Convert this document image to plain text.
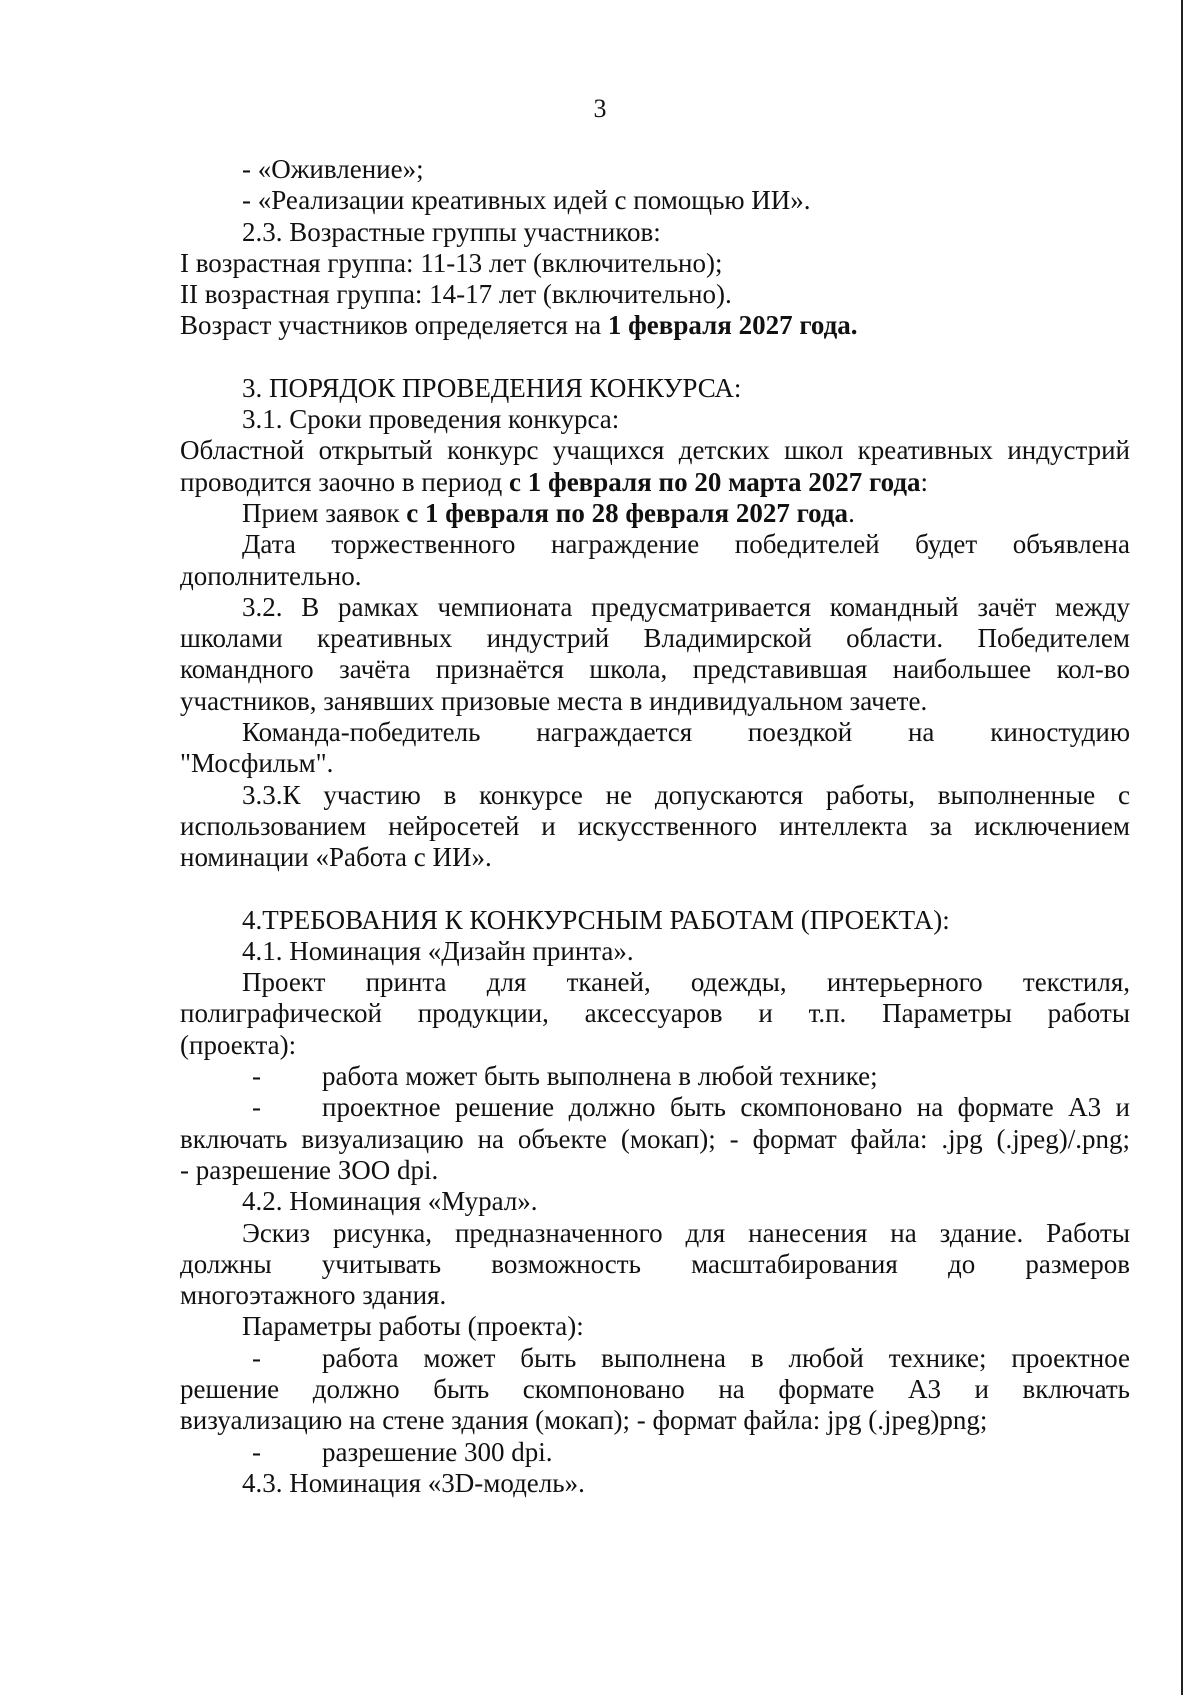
3

- «Оживление»;

- «Реализации креативных идей с помощью ИИ».

2.3. Возрастные группы участников:

I возрастная группа: 11-13 лет (включительно);

II возрастная группа: 14-17 лет (включительно).

Возраст участников определяется на 1 февраля 2027 года.

3. ПОРЯДОК ПРОВЕДЕНИЯ КОНКУРСА:

3.1. Сроки проведения конкурса:

Областной открытый конкурс учащихся детских школ креативных индустрий

проводится заочно в период с 1 февраля по 20 марта 2027 года:

Прием заявок с 1 февраля по 28 февраля 2027 года.

Дата торжественного награждение победителей будет объявлена

дополнительно.

3.2. В рамках чемпионата предусматривается командный зачёт между

школами креативных индустрий Владимирской области. Победителем

командного зачёта признаётся школа, представившая наибольшее кол-во

участников, занявших призовые места в индивидуальном зачете.

Команда-победитель награждается поездкой на киностудию

"Мосфильм".

3.3.К участию в конкурсе не допускаются работы, выполненные с

использованием нейросетей и искусственного интеллекта за исключением

номинации «Работа с ИИ».

4.ТРЕБОВАНИЯ К КОНКУРСНЫМ РАБОТАМ (ПРОЕКТА):

4.1. Номинация «Дизайн принта».

Проект принта для тканей, одежды, интерьерного текстиля,

полиграфической продукции, аксессуаров и т.п. Параметры работы

(проекта):

-	работа может быть выполнена в любой технике;
-	проектное решение должно быть скомпоновано на формате А3 и

включать визуализацию на объекте (мокап); - формат файла: .jpg (.jpeg)/.png;

- разрешение ЗОО dpi.

4.2. Номинация «Мурал».

Эскиз рисунка, предназначенного для нанесения на здание. Работы

должны учитывать возможность масштабирования до размеров

многоэтажного здания.

Параметры работы (проекта):

-	работа может быть выполнена в любой технике; проектное

решение должно быть скомпоновано на формате А3 и включать

визуализацию на стене здания (мокап); - формат файла: jpg (.jpeg)png;

-	разрешение 300 dpi.

4.3. Номинация «3D-модель».
